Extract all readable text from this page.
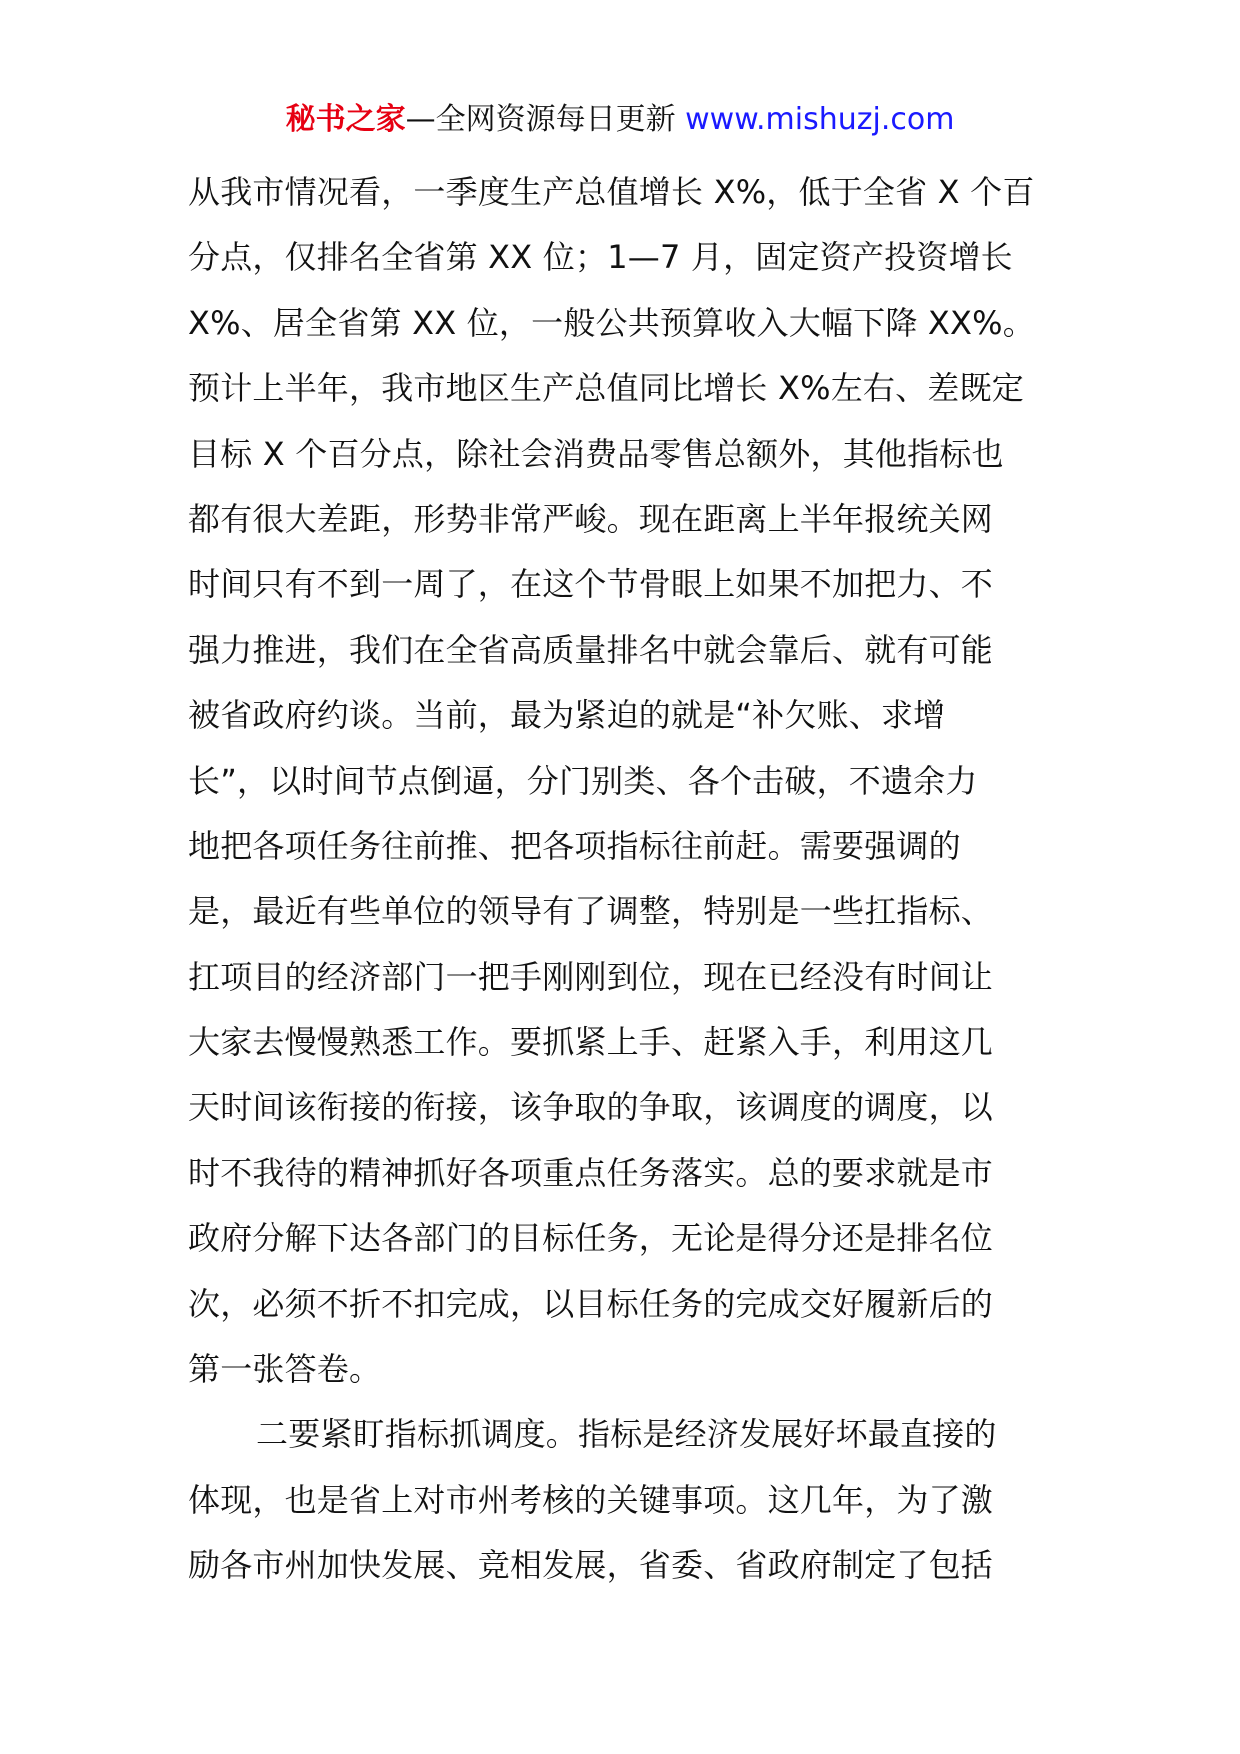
秘书之家—全网资源每日更新 www.mishuzj.com
从我市情况看，一季度生产总值增长 X%，低于全省 X 个百
分点，仅排名全省第 XX 位；1—7 月，固定资产投资增长
X%、居全省第 XX 位，一般公共预算收入大幅下降 XX%。
预计上半年，我市地区生产总值同比增长 X%左右、差既定
目标 X 个百分点，除社会消费品零售总额外，其他指标也
都有很大差距，形势非常严峻。现在距离上半年报统关网
时间只有不到一周了，在这个节骨眼上如果不加把力、不
强力推进，我们在全省高质量排名中就会靠后、就有可能
被省政府约谈。当前，最为紧迫的就是“补欠账、求增
长”，以时间节点倒逼，分门别类、各个击破，不遗余力
地把各项任务往前推、把各项指标往前赶。需要强调的
是，最近有些单位的领导有了调整，特别是一些扛指标、
扛项目的经济部门一把手刚刚到位，现在已经没有时间让
大家去慢慢熟悉工作。要抓紧上手、赶紧入手，利用这几
天时间该衔接的衔接，该争取的争取，该调度的调度，以
时不我待的精神抓好各项重点任务落实。总的要求就是市
政府分解下达各部门的目标任务，无论是得分还是排名位
次，必须不折不扣完成，以目标任务的完成交好履新后的
第一张答卷。
二要紧盯指标抓调度。指标是经济发展好坏最直接的
体现，也是省上对市州考核的关键事项。这几年，为了激
励各市州加快发展、竞相发展，省委、省政府制定了包括
